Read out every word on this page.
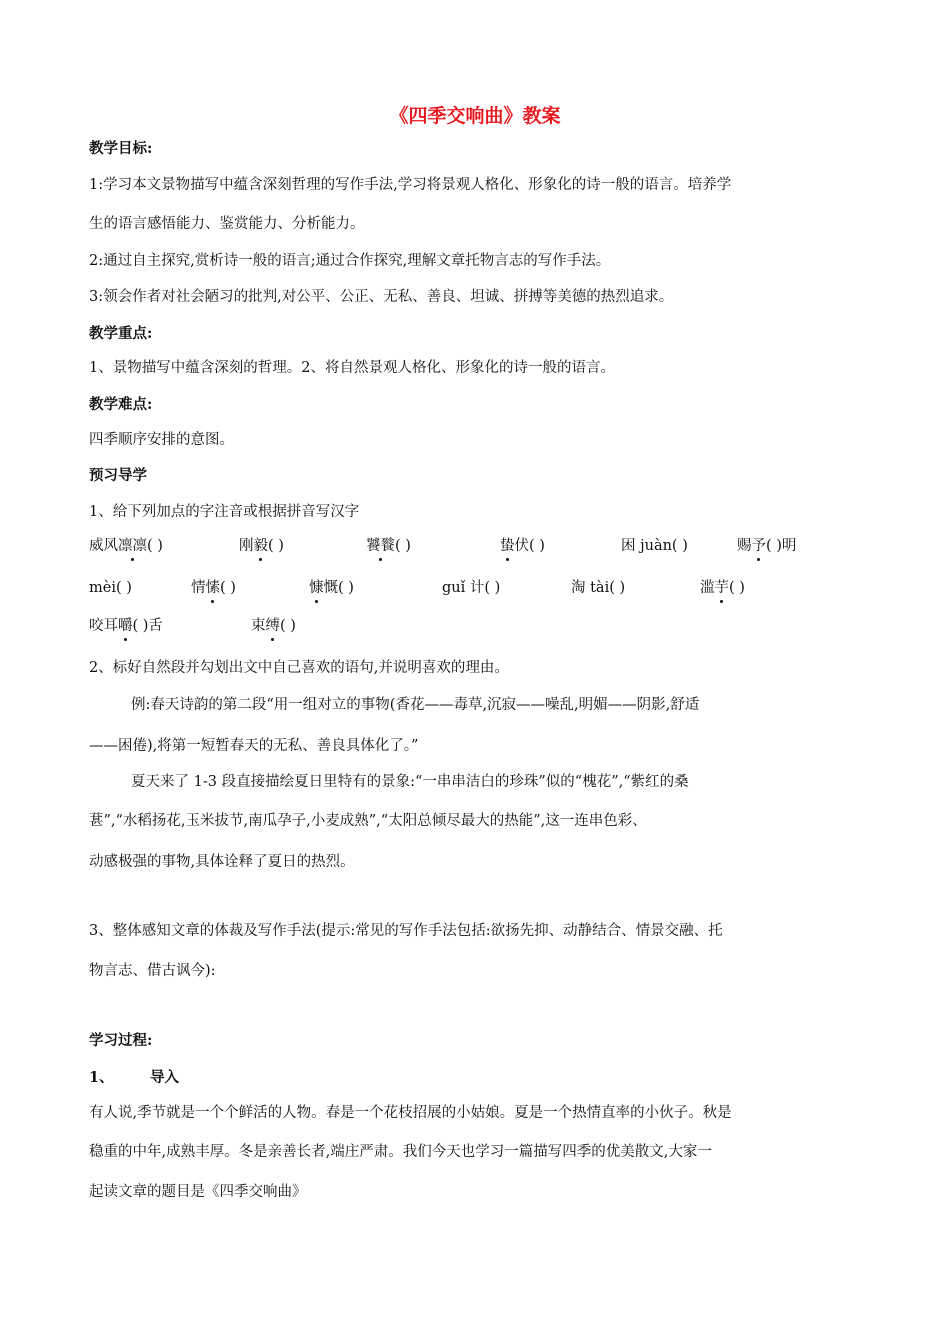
《四季交响曲》教案
教学目标:
1:学习本文景物描写中蕴含深刻哲理的写作手法,学习将景观人格化、形象化的诗一般的语言。培养学
生的语言感悟能力、鉴赏能力、分析能力。
2:通过自主探究,赏析诗一般的语言;通过合作探究,理解文章托物言志的写作手法。
3:领会作者对社会陋习的批判,对公平、公正、无私、善良、坦诚、拼搏等美德的热烈追求。
教学重点:
1、景物描写中蕴含深刻的哲理。2、将自然景观人格化、形象化的诗一般的语言。
教学难点:
四季顺序安排的意图。
预习导学
1、给下列加点的字注音或根据拼音写汉字
威风凛凛( )	刚毅( )	饕餮( )	蛰伏( )	困 juàn( )	赐予( )明
mèi( )	情愫( )	慷慨( )	guǐ 计( )	淘 tài( )	滥芋( )
咬耳嚼( )舌	束缚( )
2、标好自然段并勾划出文中自己喜欢的语句,并说明喜欢的理由。
例:春天诗韵的第二段“用一组对立的事物(香花——毒草,沉寂——噪乱,明媚——阴影,舒适
——困倦),将第一短暂春天的无私、善良具体化了。”
夏天来了 1-3 段直接描绘夏日里特有的景象:“一串串洁白的珍珠”似的“槐花”,“紫红的桑
葚”,“水稻扬花,玉米拔节,南瓜孕子,小麦成熟”,“太阳总倾尽最大的热能”,这一连串色彩、
动感极强的事物,具体诠释了夏日的热烈。
3、整体感知文章的体裁及写作手法(提示:常见的写作手法包括:欲扬先抑、动静结合、情景交融、托
物言志、借古讽今):
学习过程:
1、	导入
有人说,季节就是一个个鲜活的人物。春是一个花枝招展的小姑娘。夏是一个热情直率的小伙子。秋是
稳重的中年,成熟丰厚。冬是亲善长者,端庄严肃。我们今天也学习一篇描写四季的优美散文,大家一
起读文章的题目是《四季交响曲》
